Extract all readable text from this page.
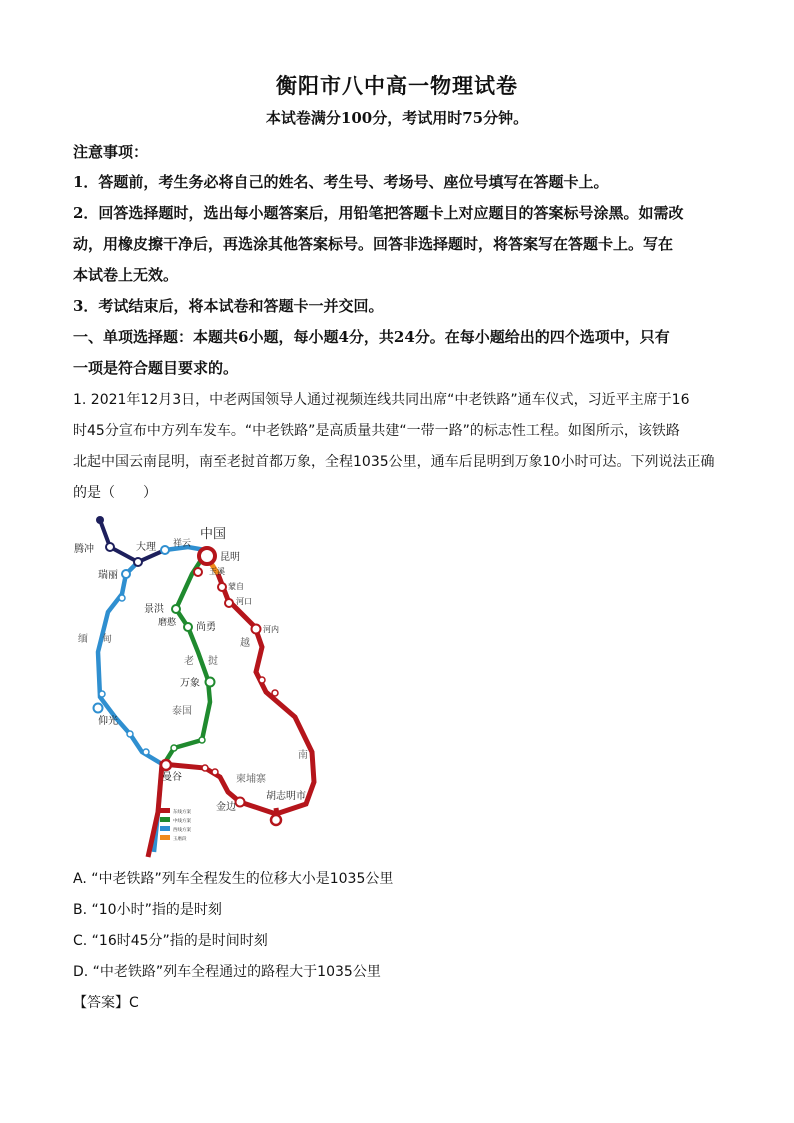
衡阳市八中高一物理试卷
本试卷满分100分，考试用时75分钟。
注意事项：
1．答题前，考生务必将自己的姓名、考生号、考场号、座位号填写在答题卡上。
2．回答选择题时，选出每小题答案后，用铅笔把答题卡上对应题目的答案标号涂黑。如需改
动，用橡皮擦干净后，再选涂其他答案标号。回答非选择题时，将答案写在答题卡上。写在
本试卷上无效。
3．考试结束后，将本试卷和答题卡一并交回。
一、单项选择题：本题共6小题，每小题4分，共24分。在每小题给出的四个选项中，只有
一项是符合题目要求的。
1. 2021年12月3日，中老两国领导人通过视频连线共同出席“中老铁路”通车仪式，习近平主席于16
时45分宣布中方列车发车。“中老铁路”是高质量共建“一带一路”的标志性工程。如图所示，该铁路
北起中国云南昆明，南至老挝首都万象，全程1035公里，通车后昆明到万象10小时可达。下列说法正确
的是（　　）
中国
昆明
玉溪
蒙自
河口
河内
大理 祥云
腾冲
瑞丽
景洪
磨憨 尚勇
老 挝
万象
缅 甸
仰光
泰国
曼谷	柬埔寨
金边
胡志明市
越
南
东线方案
中线方案
西线方案
玉磨段
A. “中老铁路”列车全程发生的位移大小是1035公里
B. “10小时”指的是时刻
C. “16时45分”指的是时间时刻
D. “中老铁路”列车全程通过的路程大于1035公里
【答案】C
